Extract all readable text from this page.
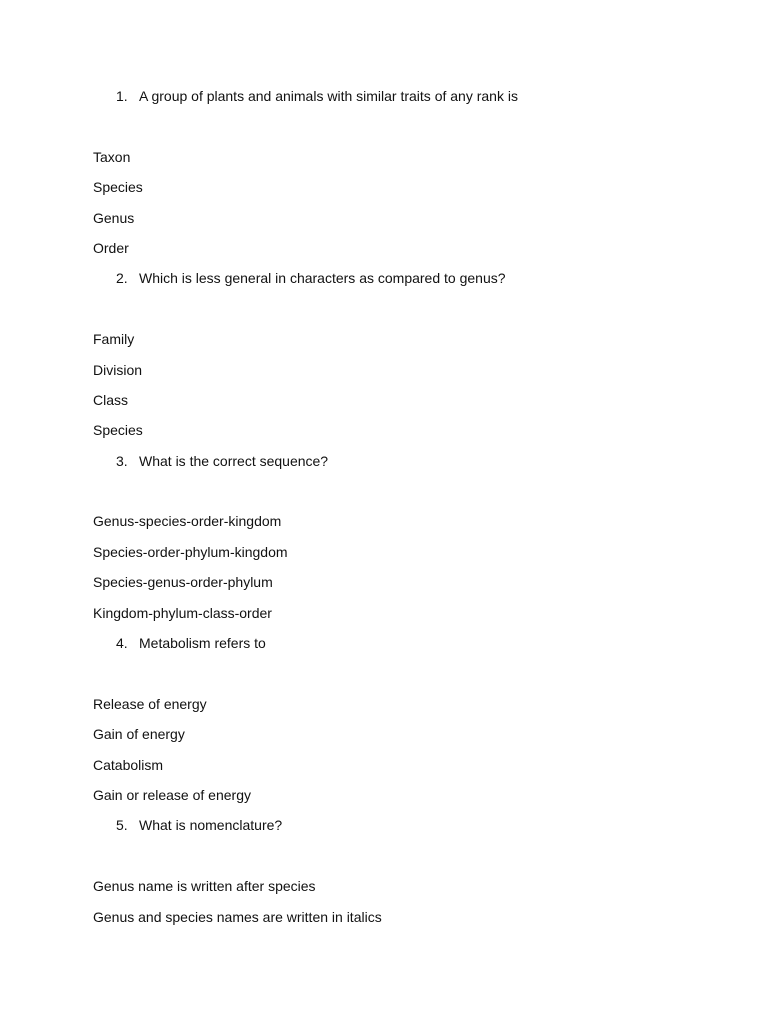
1. A group of plants and animals with similar traits of any rank is
Taxon
Species
Genus
Order
2. Which is less general in characters as compared to genus?
Family
Division
Class
Species
3. What is the correct sequence?
Genus-species-order-kingdom
Species-order-phylum-kingdom
Species-genus-order-phylum
Kingdom-phylum-class-order
4. Metabolism refers to
Release of energy
Gain of energy
Catabolism
Gain or release of energy
5. What is nomenclature?
Genus name is written after species
Genus and species names are written in italics
